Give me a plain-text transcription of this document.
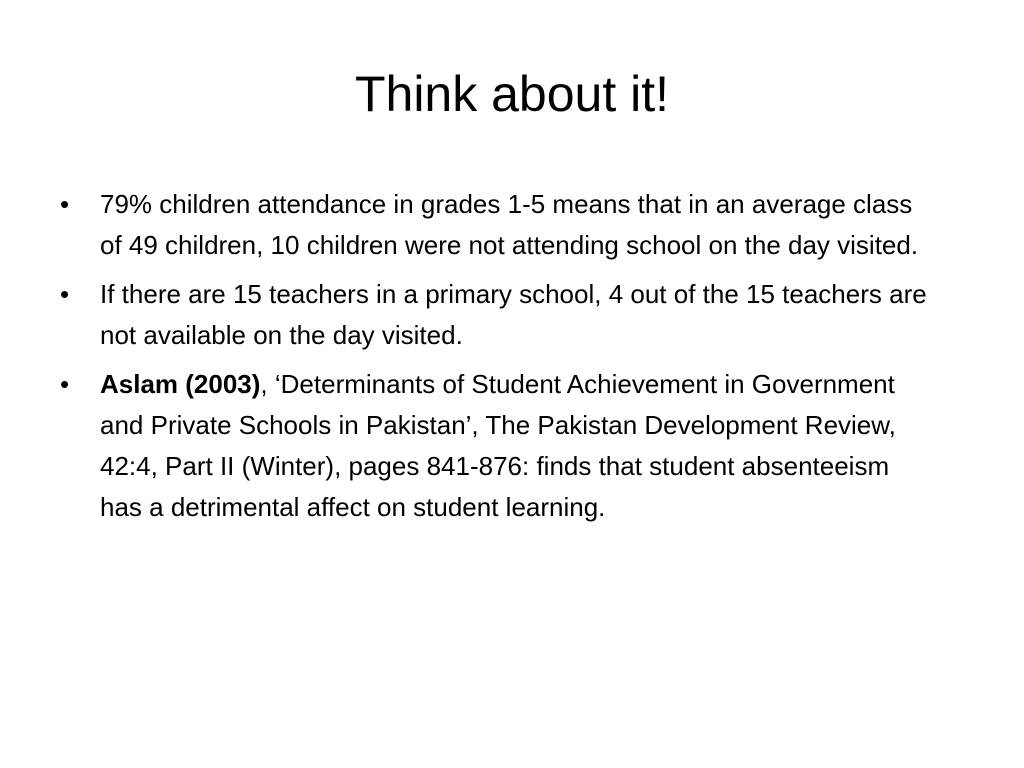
Think about it!
• 79% children attendance in grades 1-5 means that in an average class of 49 children, 10 children were not attending school on the day visited.
• If there are 15 teachers in a primary school, 4 out of the 15 teachers are not available on the day visited.
• Aslam (2003), ‘Determinants of Student Achievement in Government and Private Schools in Pakistan’, The Pakistan Development Review, 42:4, Part II (Winter), pages 841-876: finds that student absenteeism has a detrimental affect on student learning.
